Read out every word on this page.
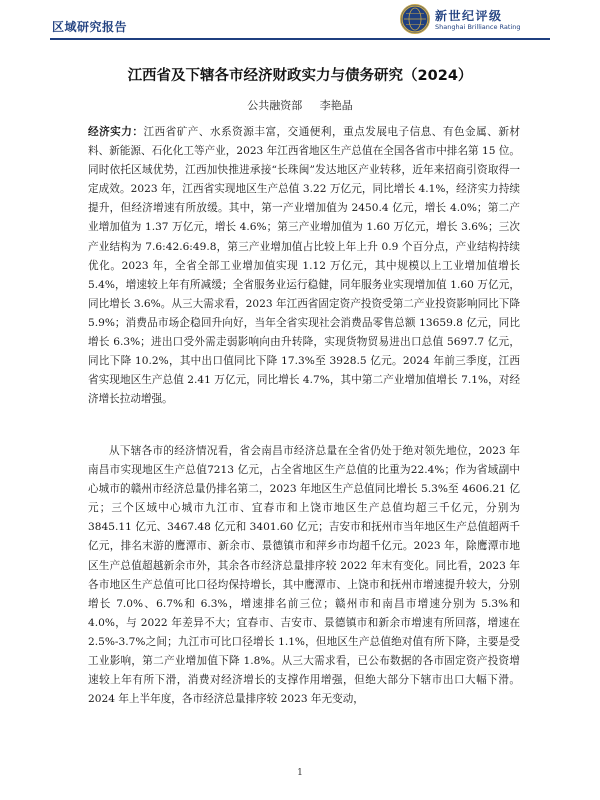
区域研究报告
新世纪评级
Shanghai Brilliance Rating
江西省及下辖各市经济财政实力与债务研究（2024）
公共融资部 李艳晶

经济实力：江西省矿产、水系资源丰富，交通便利，重点发展电子信息、有色金属、新材料、新能源、石化化工等产业，2023 年江西省地区生产总值在全国各省市中排名第 15 位。同时依托区域优势，江西加快推进承接“长珠闽”发达地区产业转移，近年来招商引资取得一定成效。2023 年，江西省实现地区生产总值 3.22 万亿元，同比增长 4.1%，经济实力持续提升，但经济增速有所放缓。其中，第一产业增加值为 2450.4 亿元，增长 4.0%；第二产业增加值为 1.37 万亿元，增长 4.6%；第三产业增加值为 1.60 万亿元，增长 3.6%；三次产业结构为 7.6:42.6:49.8，第三产业增加值占比较上年上升 0.9 个百分点，产业结构持续优化。2023 年，全省全部工业增加值实现 1.12 万亿元，其中规模以上工业增加值增长 5.4%，增速较上年有所减缓；全省服务业运行稳健，同年服务业实现增加值 1.60 万亿元，同比增长 3.6%。从三大需求看，2023 年江西省固定资产投资受第二产业投资影响同比下降 5.9%；消费品市场企稳回升向好，当年全省实现社会消费品零售总额 13659.8 亿元，同比增长 6.3%；进出口受外需走弱影响向由升转降，实现货物贸易进出口总值 5697.7 亿元，同比下降 10.2%，其中出口值同比下降 17.3%至 3928.5 亿元。2024 年前三季度，江西省实现地区生产总值 2.41 万亿元，同比增长 4.7%，其中第二产业增加值增长 7.1%，对经济增长拉动增强。

从下辖各市的经济情况看，省会南昌市经济总量在全省仍处于绝对领先地位，2023 年南昌市实现地区生产总值7213 亿元，占全省地区生产总值的比重为22.4%；作为省域副中心城市的赣州市经济总量仍排名第二，2023 年地区生产总值同比增长 5.3%至 4606.21 亿元；三个区域中心城市九江市、宜春市和上饶市地区生产总值均超三千亿元，分别为 3845.11 亿元、3467.48 亿元和 3401.60 亿元；吉安市和抚州市当年地区生产总值超两千亿元，排名末游的鹰潭市、新余市、景德镇市和萍乡市均超千亿元。2023 年，除鹰潭市地区生产总值超越新余市外，其余各市经济总量排序较 2022 年末有变化。同比看，2023 年各市地区生产总值可比口径均保持增长，其中鹰潭市、上饶市和抚州市增速提升较大，分别增长 7.0%、6.7%和 6.3%，增速排名前三位；赣州市和南昌市增速分别为 5.3%和 4.0%，与 2022 年差异不大；宜春市、吉安市、景德镇市和新余市增速有所回落，增速在 2.5%-3.7%之间；九江市可比口径增长 1.1%，但地区生产总值绝对值有所下降，主要是受工业影响，第二产业增加值下降 1.8%。从三大需求看，已公布数据的各市固定资产投资增速较上年有所下滑，消费对经济增长的支撑作用增强，但绝大部分下辖市出口大幅下滑。2024 年上半年度，各市经济总量排序较 2023 年无变动，

1
